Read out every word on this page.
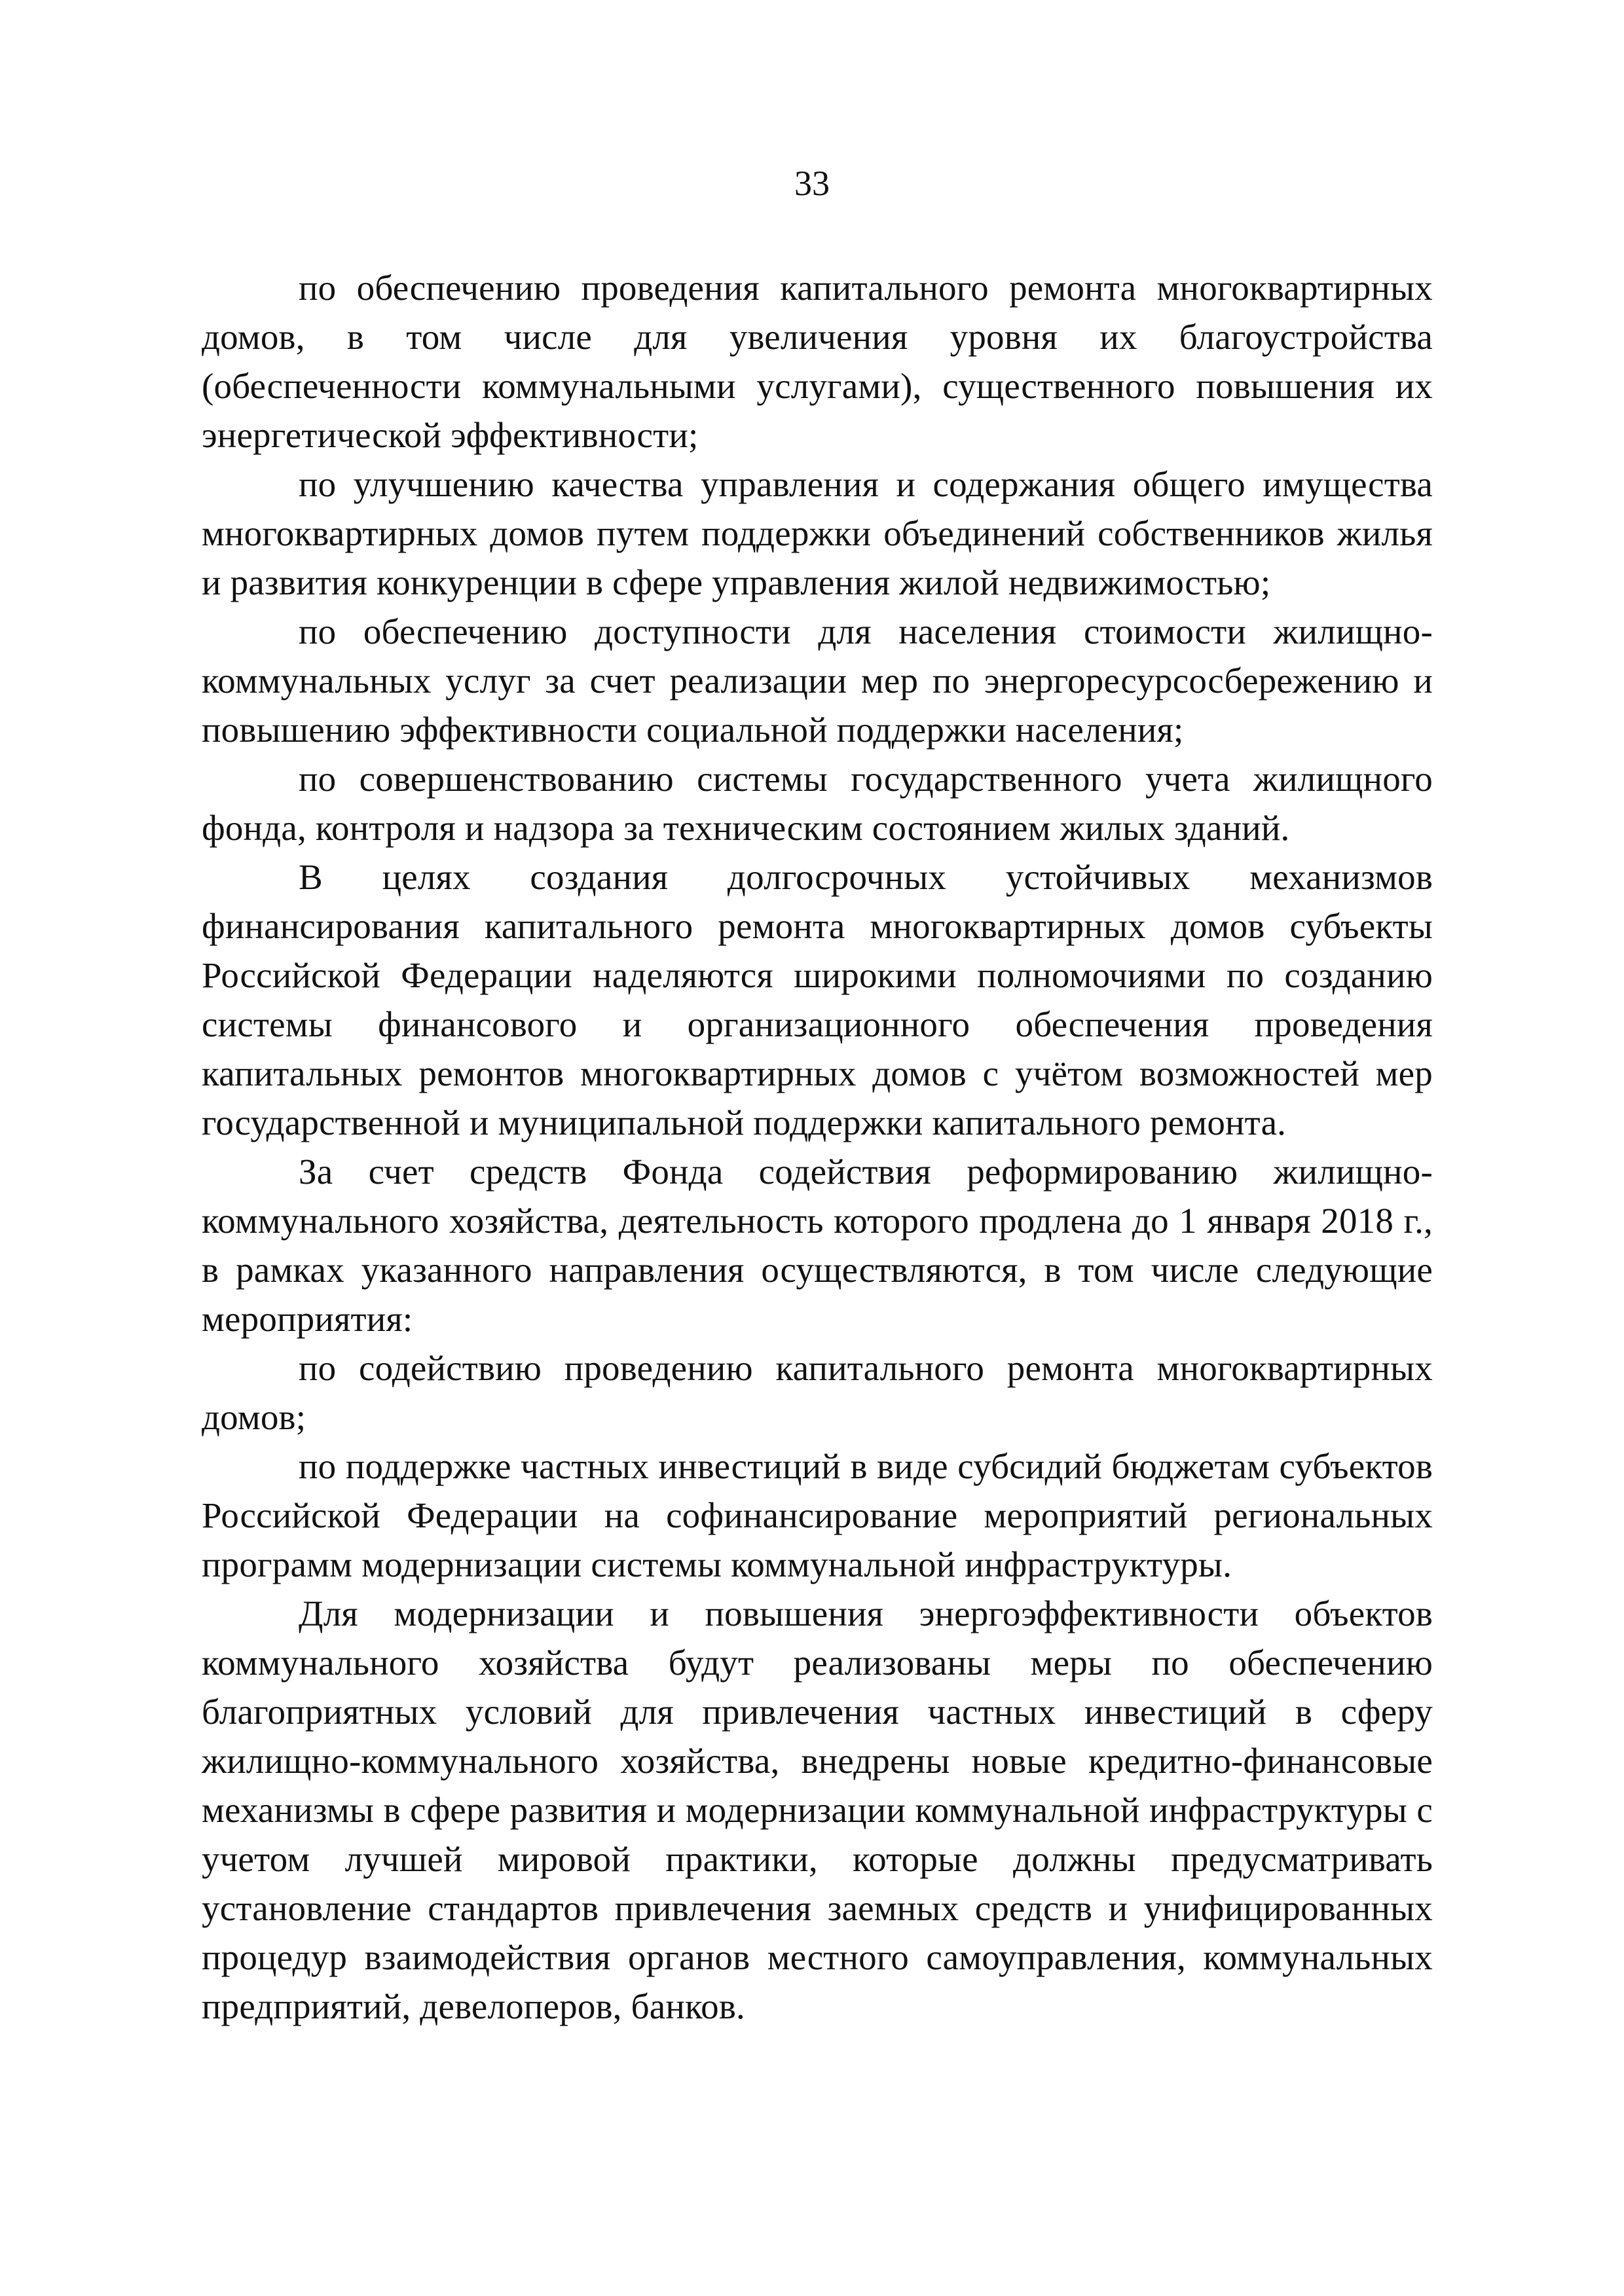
33

по обеспечению проведения капитального ремонта многоквартирных домов, в том числе для увеличения уровня их благоустройства (обеспеченности коммунальными услугами), существенного повышения их энергетической эффективности;

по улучшению качества управления и содержания общего имущества многоквартирных домов путем поддержки объединений собственников жилья и развития конкуренции в сфере управления жилой недвижимостью;

по обеспечению доступности для населения стоимости жилищно-коммунальных услуг за счет реализации мер по энергоресурсосбережению и повышению эффективности социальной поддержки населения;

по совершенствованию системы государственного учета жилищного фонда, контроля и надзора за техническим состоянием жилых зданий.

В целях создания долгосрочных устойчивых механизмов финансирования капитального ремонта многоквартирных домов субъекты Российской Федерации наделяются широкими полномочиями по созданию системы финансового и организационного обеспечения проведения капитальных ремонтов многоквартирных домов с учётом возможностей мер государственной и муниципальной поддержки капитального ремонта.

За счет средств Фонда содействия реформированию жилищно-коммунального хозяйства, деятельность которого продлена до 1 января 2018 г., в рамках указанного направления осуществляются, в том числе следующие мероприятия:

по содействию проведению капитального ремонта многоквартирных домов;

по поддержке частных инвестиций в виде субсидий бюджетам субъектов Российской Федерации на софинансирование мероприятий региональных программ модернизации системы коммунальной инфраструктуры.

Для модернизации и повышения энергоэффективности объектов коммунального хозяйства будут реализованы меры по обеспечению благоприятных условий для привлечения частных инвестиций в сферу жилищно-коммунального хозяйства, внедрены новые кредитно-финансовые механизмы в сфере развития и модернизации коммунальной инфраструктуры с учетом лучшей мировой практики, которые должны предусматривать установление стандартов привлечения заемных средств и унифицированных процедур взаимодействия органов местного самоуправления, коммунальных предприятий, девелоперов, банков.
